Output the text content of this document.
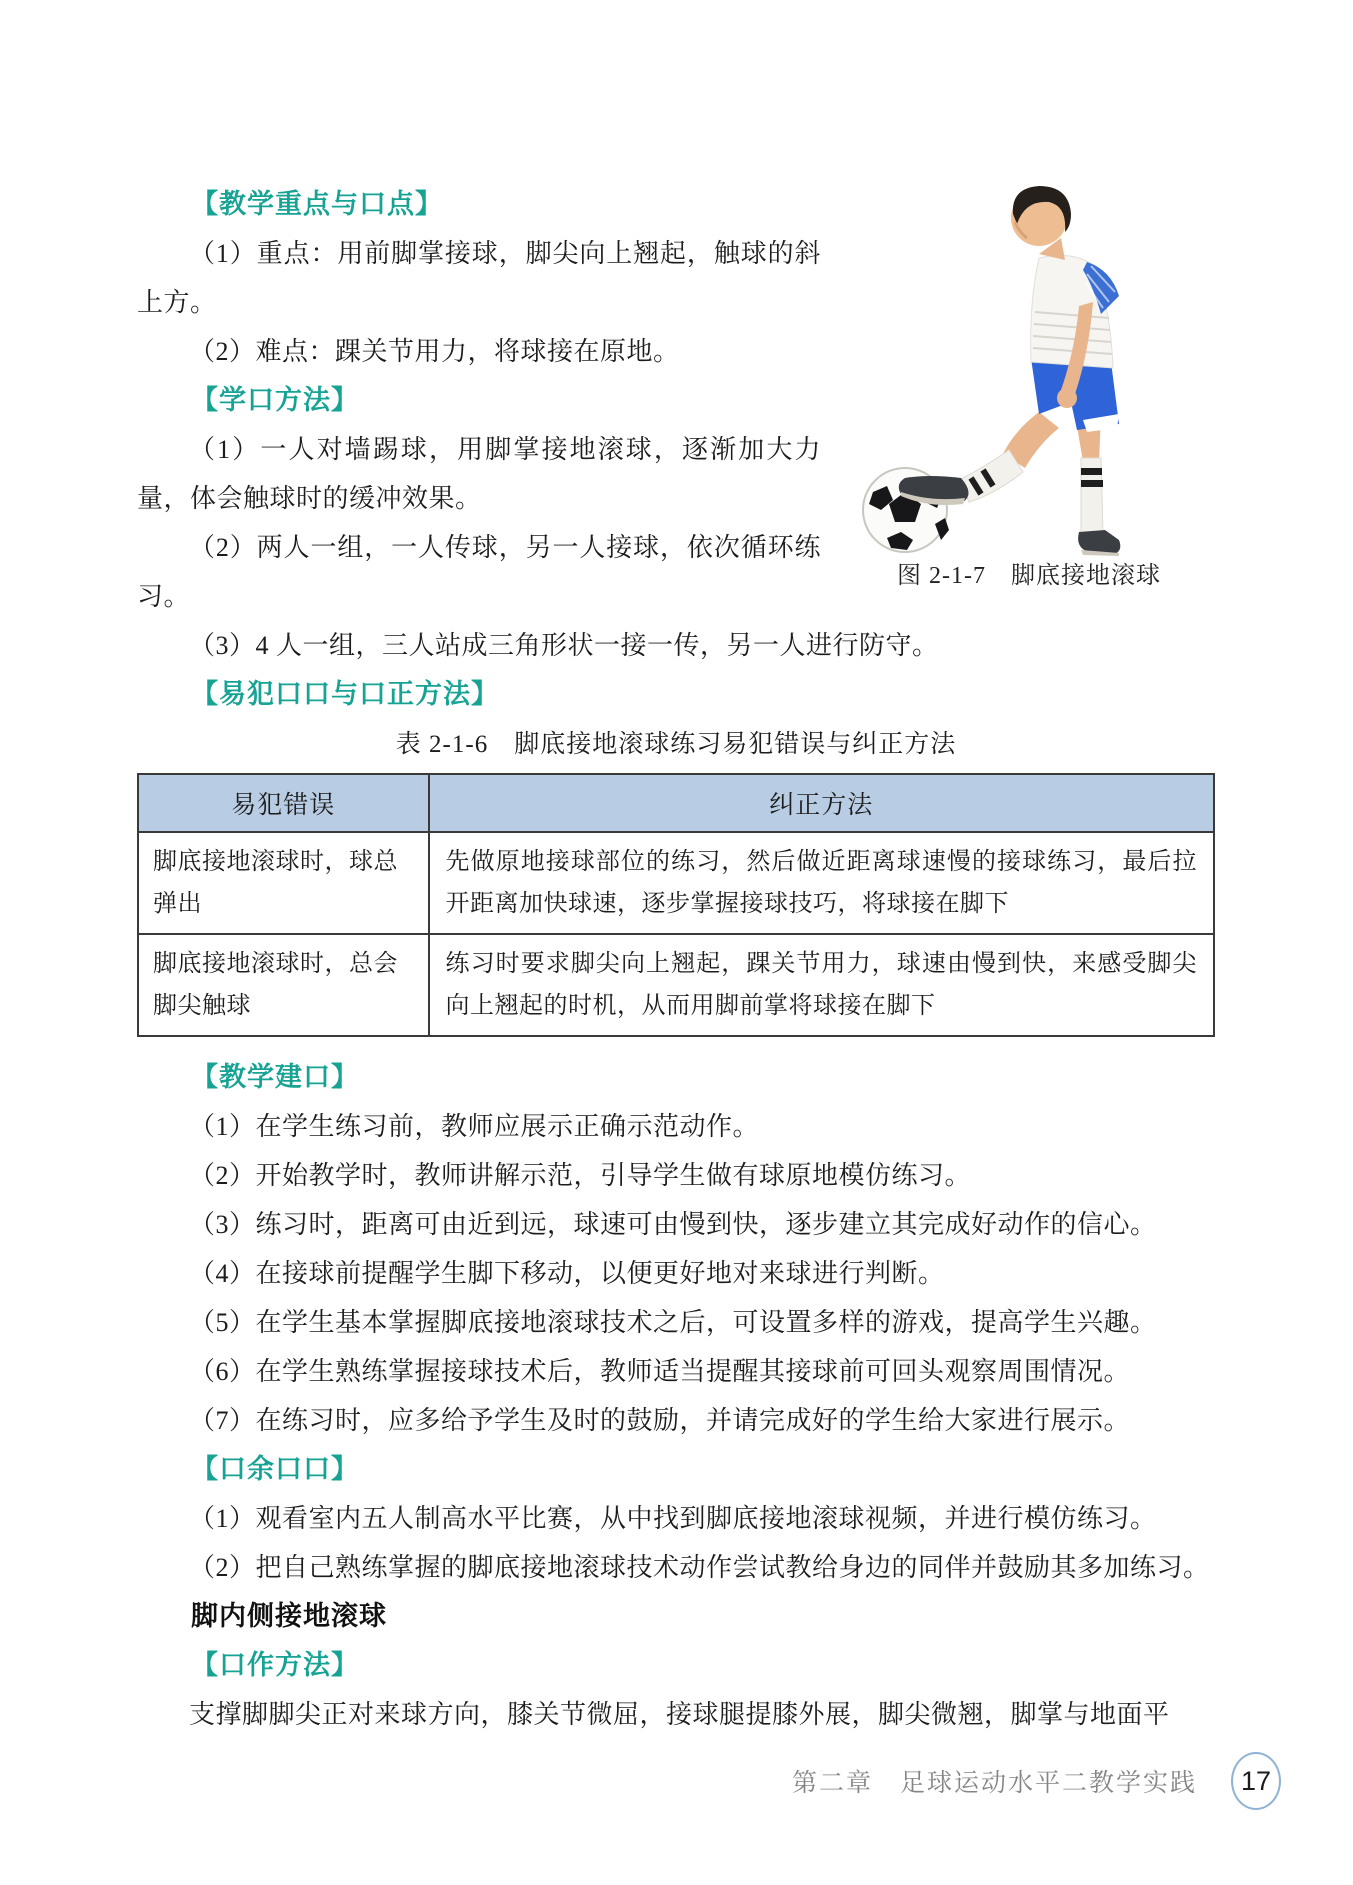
图 2-1-7　脚底接地滚球
【教学重点与口点】

（1）重点：用前脚掌接球，脚尖向上翘起，触球的斜上方。

（2）难点：踝关节用力，将球接在原地。

【学口方法】

（1）一人对墙踢球，用脚掌接地滚球，逐渐加大力量，体会触球时的缓冲效果。

（2）两人一组，一人传球，另一人接球，依次循环练习。

（3）4 人一组，三人站成三角形状一接一传，另一人进行防守。

【易犯口口与口正方法】
表 2-1-6　脚底接地滚球练习易犯错误与纠正方法
易犯错误	纠正方法
脚底接地滚球时，球总弹出	先做原地接球部位的练习，然后做近距离球速慢的接球练习，最后拉开距离加快球速，逐步掌握接球技巧，将球接在脚下
脚底接地滚球时，总会脚尖触球	练习时要求脚尖向上翘起，踝关节用力，球速由慢到快，来感受脚尖向上翘起的时机，从而用脚前掌将球接在脚下
【教学建口】

（1）在学生练习前，教师应展示正确示范动作。

（2）开始教学时，教师讲解示范，引导学生做有球原地模仿练习。

（3）练习时，距离可由近到远，球速可由慢到快，逐步建立其完成好动作的信心。

（4）在接球前提醒学生脚下移动，以便更好地对来球进行判断。

（5）在学生基本掌握脚底接地滚球技术之后，可设置多样的游戏，提高学生兴趣。

（6）在学生熟练掌握接球技术后，教师适当提醒其接球前可回头观察周围情况。

（7）在练习时，应多给予学生及时的鼓励，并请完成好的学生给大家进行展示。

【口余口口】

（1）观看室内五人制高水平比赛，从中找到脚底接地滚球视频，并进行模仿练习。

（2）把自己熟练掌握的脚底接地滚球技术动作尝试教给身边的同伴并鼓励其多加练习。

脚内侧接地滚球
【口作方法】

支撑脚脚尖正对来球方向，膝关节微屈，接球腿提膝外展，脚尖微翘，脚掌与地面平

第二章　足球运动水平二教学实践 17
